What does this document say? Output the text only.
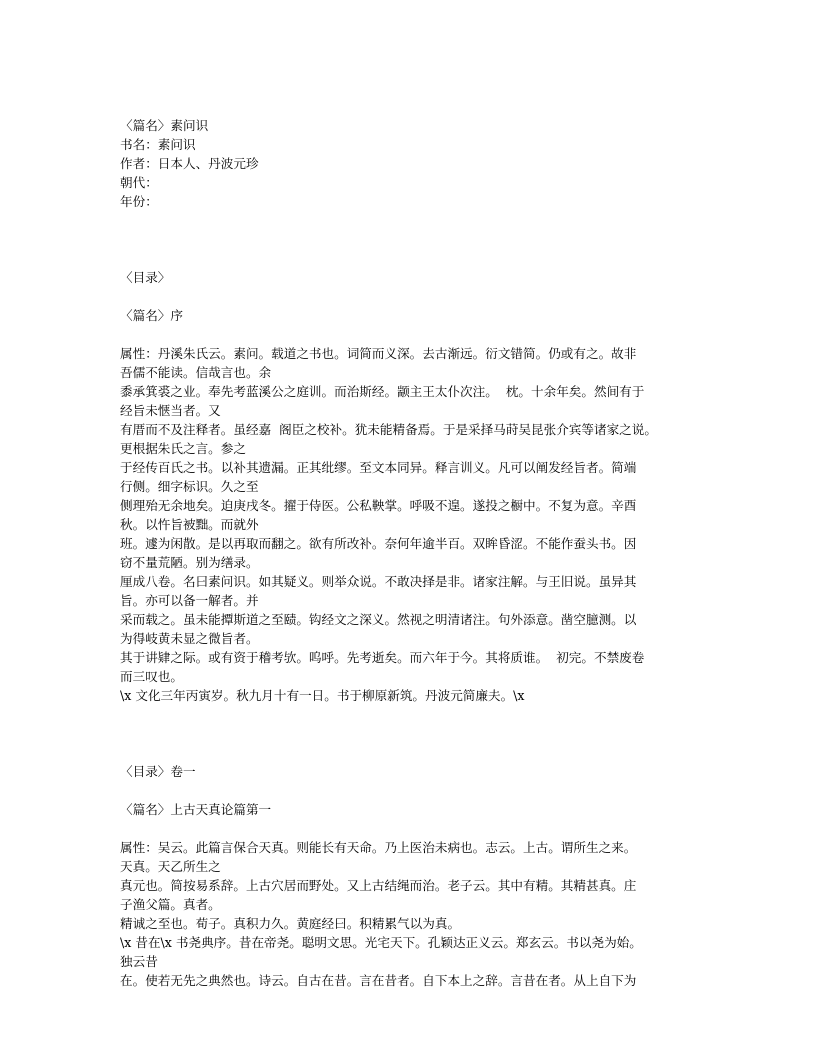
〈篇名〉素问识
书名：素问识
作者：日本人、丹波元珍
朝代：
年份：
〈目录〉
〈篇名〉序
属性：丹溪朱氏云。素问。载道之书也。词简而义深。去古渐远。衍文错简。仍或有之。故非
吾儒不能读。信哉言也。余
黍承箕裘之业。奉先考蓝溪公之庭训。而治斯经。颛主王太仆次注。  枕。十余年矣。然间有于
经旨未惬当者。又
有厝而不及注释者。虽经嘉  阁臣之校补。犹未能精备焉。于是采择马莳吴昆张介宾等诸家之说。
更根据朱氏之言。参之
于经传百氏之书。以补其遗漏。正其纰缪。至文本同异。释言训义。凡可以阐发经旨者。简端
行侧。细字标识。久之至
侧理殆无余地矣。迫庚戌冬。擢于侍医。公私鞅掌。呼吸不遑。遂投之橱中。不复为意。辛酉
秋。以忤旨被黜。而就外
班。遽为闲散。是以再取而翻之。欲有所改补。奈何年逾半百。双眸昏涩。不能作蚕头书。因
窃不量荒陋。别为缮录。
厘成八卷。名曰素问识。如其疑义。则举众说。不敢决择是非。诸家注解。与王旧说。虽异其
旨。亦可以备一解者。并
采而载之。虽未能撢斯道之至赜。钩经文之深义。然视之明清诸注。句外添意。凿空臆测。以
为得岐黄未显之微旨者。
其于讲肄之际。或有资于稽考欤。呜呼。先考逝矣。而六年于今。其将质谁。  初完。不禁废卷
而三叹也。
\x 文化三年丙寅岁。秋九月十有一日。书于柳原新筑。丹波元简廉夫。\x
〈目录〉卷一
〈篇名〉上古天真论篇第一
属性：吴云。此篇言保合天真。则能长有天命。乃上医治未病也。志云。上古。谓所生之来。
天真。天乙所生之
真元也。简按易系辞。上古穴居而野处。又上古结绳而治。老子云。其中有精。其精甚真。庄
子渔父篇。真者。
精诚之至也。荀子。真积力久。黄庭经曰。积精累气以为真。
\x 昔在\x 书尧典序。昔在帝尧。聪明文思。光宅天下。孔颖达正义云。郑玄云。书以尧为始。
独云昔
在。使若无先之典然也。诗云。自古在昔。言在昔者。自下本上之辞。言昔在者。从上自下为
